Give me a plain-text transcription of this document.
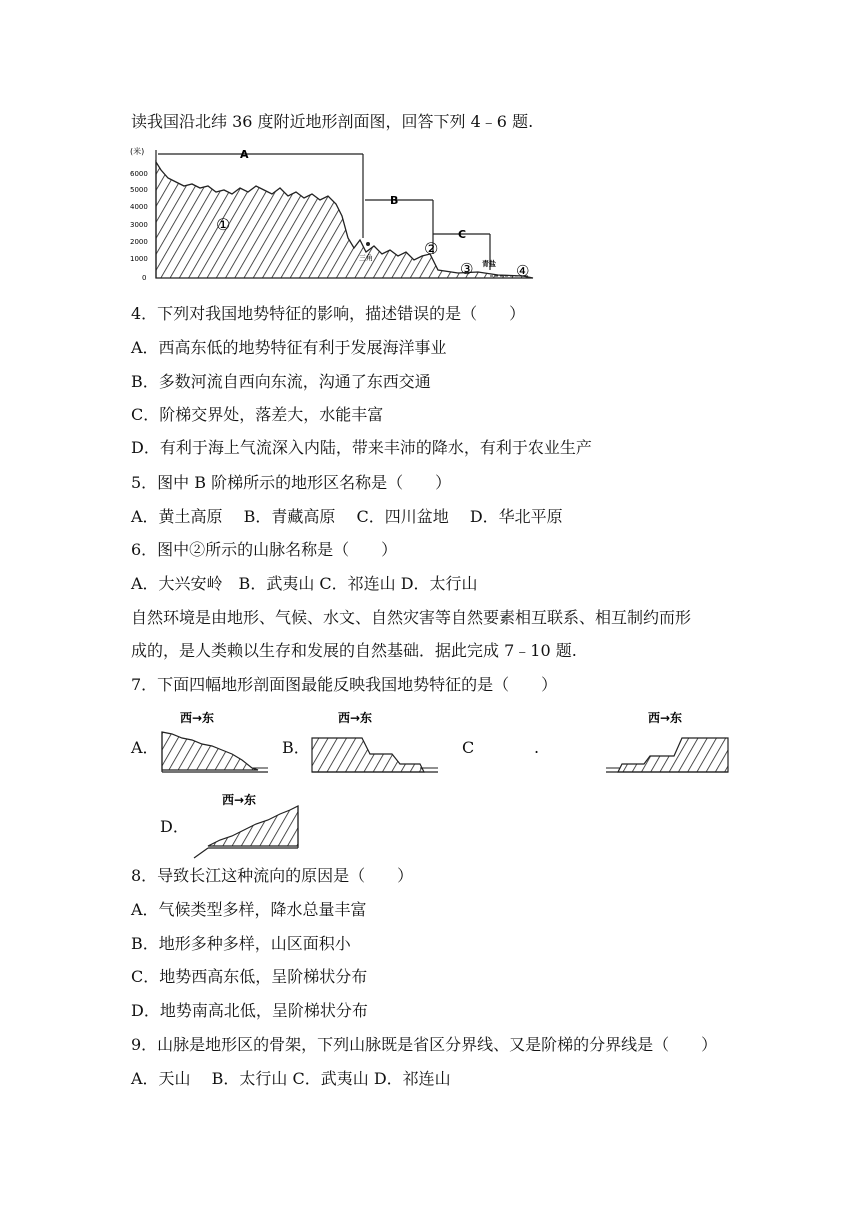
读我国沿北纬 36 度附近地形剖面图，回答下列 4﹣6 题.
(米)
6000
5000
4000
3000
2000
1000
0
A
B
C
①
②
③	④
三角
青盐
4．下列对我国地势特征的影响，描述错误的是（　　）
A．西高东低的地势特征有利于发展海洋事业
B．多数河流自西向东流，沟通了东西交通
C．阶梯交界处，落差大，水能丰富
D．有利于海上气流深入内陆，带来丰沛的降水，有利于农业生产
5．图中 B 阶梯所示的地形区名称是（　　）
A．黄土高原　 B．青藏高原　 C．四川盆地　 D．华北平原
6．图中②所示的山脉名称是（　　）
A．大兴安岭　B．武夷山 C．祁连山 D．太行山
自然环境是由地形、气候、水文、自然灾害等自然要素相互联系、相互制约而形
成的，是人类赖以生存和发展的自然基础．据此完成 7﹣10 题.
7．下面四幅地形剖面图最能反映我国地势特征的是（　　）
A．
西→东
B．
西→东
C	.
西→东
D．
西→东
8．导致长江这种流向的原因是（　　）
A．气候类型多样，降水总量丰富
B．地形多种多样，山区面积小
C．地势西高东低，呈阶梯状分布
D．地势南高北低，呈阶梯状分布
9．山脉是地形区的骨架，下列山脉既是省区分界线、又是阶梯的分界线是（　　）
A．天山　 B．太行山 C．武夷山 D．祁连山
